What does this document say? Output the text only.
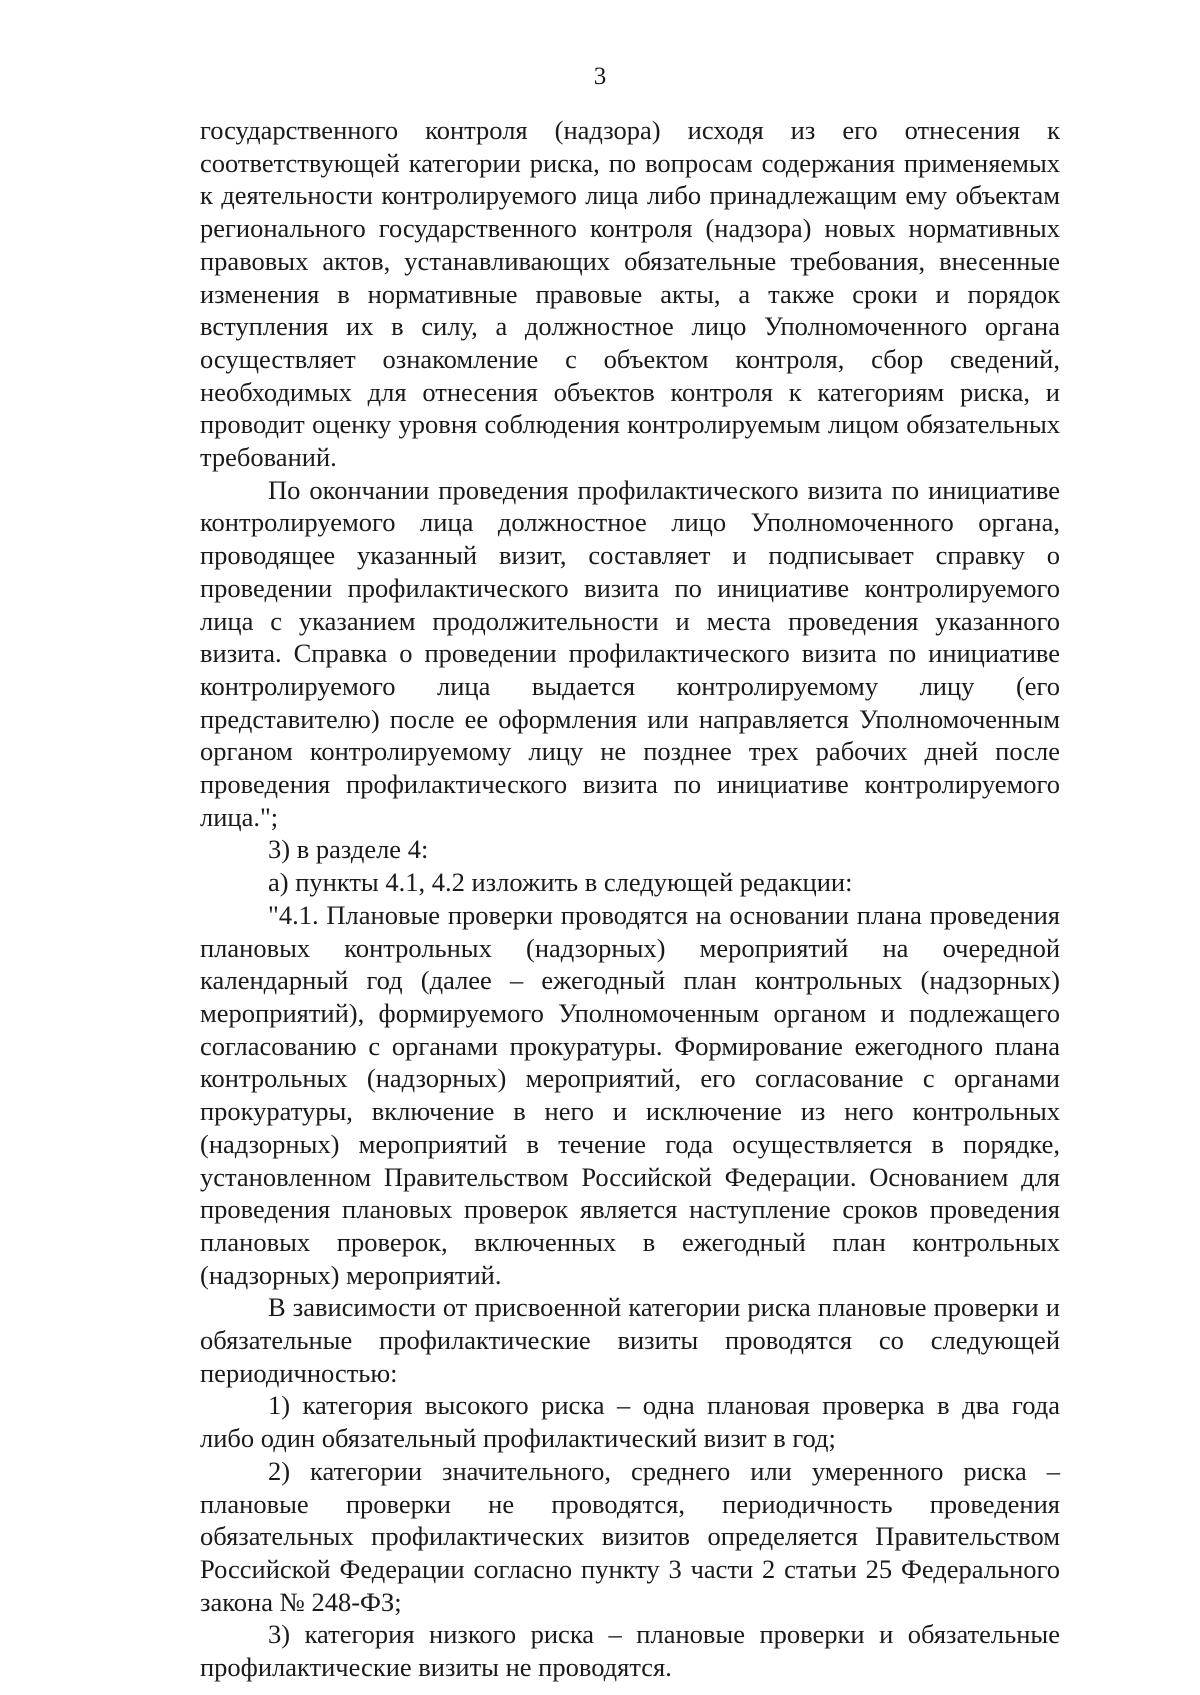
3

государственного контроля (надзора) исходя из его отнесения к соответствующей категории риска, по вопросам содержания применяемых к деятельности контролируемого лица либо принадлежащим ему объектам регионального государственного контроля (надзора) новых нормативных правовых актов, устанавливающих обязательные требования, внесенные изменения в нормативные правовые акты, а также сроки и порядок вступления их в силу, а должностное лицо Уполномоченного органа осуществляет ознакомление с объектом контроля, сбор сведений, необходимых для отнесения объектов контроля к категориям риска, и проводит оценку уровня соблюдения контролируемым лицом обязательных требований.

По окончании проведения профилактического визита по инициативе контролируемого лица должностное лицо Уполномоченного органа, проводящее указанный визит, составляет и подписывает справку о проведении профилактического визита по инициативе контролируемого лица с указанием продолжительности и места проведения указанного визита. Справка о проведении профилактического визита по инициативе контролируемого лица выдается контролируемому лицу (его представителю) после ее оформления или направляется Уполномоченным органом контролируемому лицу не позднее трех рабочих дней после проведения профилактического визита по инициативе контролируемого лица.";

3) в разделе 4:

а) пункты 4.1, 4.2 изложить в следующей редакции:

"4.1. Плановые проверки проводятся на основании плана проведения плановых контрольных (надзорных) мероприятий на очередной календарный год (далее – ежегодный план контрольных (надзорных) мероприятий), формируемого Уполномоченным органом и подлежащего согласованию с органами прокуратуры. Формирование ежегодного плана контрольных (надзорных) мероприятий, его согласование с органами прокуратуры, включение в него и исключение из него контрольных (надзорных) мероприятий в течение года осуществляется в порядке, установленном Правительством Российской Федерации. Основанием для проведения плановых проверок является наступление сроков проведения плановых проверок, включенных в ежегодный план контрольных (надзорных) мероприятий.

В зависимости от присвоенной категории риска плановые проверки и обязательные профилактические визиты проводятся со следующей периодичностью:

1) категория высокого риска – одна плановая проверка в два года либо один обязательный профилактический визит в год;

2) категории значительного, среднего или умеренного риска – плановые проверки не проводятся, периодичность проведения обязательных профилактических визитов определяется Правительством Российской Федерации согласно пункту 3 части 2 статьи 25 Федерального закона № 248-ФЗ;

3) категория низкого риска – плановые проверки и обязательные профилактические визиты не проводятся.
